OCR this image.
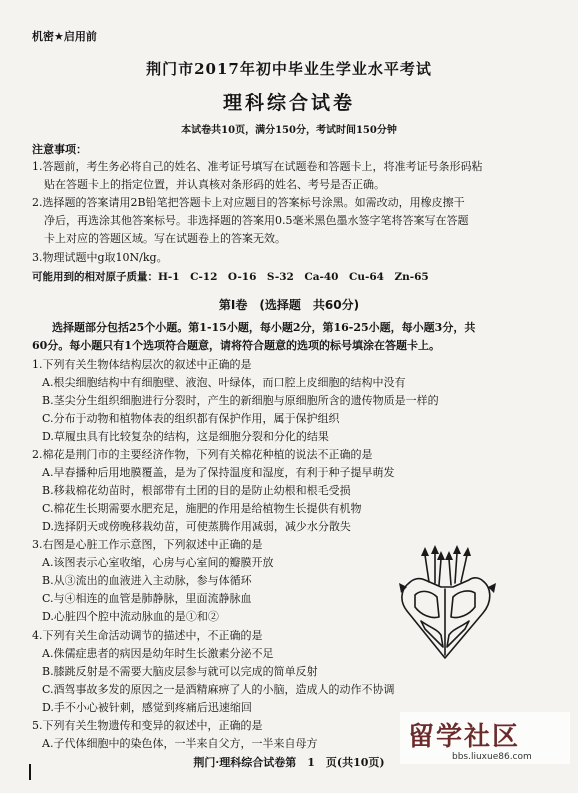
机密★启用前
荆门市2017年初中毕业生学业水平考试
理科综合试卷
本试卷共10页，满分150分，考试时间150分钟
注意事项：
1.答题前，考生务必将自己的姓名、准考证号填写在试题卷和答题卡上，将准考证号条形码粘
贴在答题卡上的指定位置，并认真核对条形码的姓名、考号是否正确。
2.选择题的答案请用2B铅笔把答题卡上对应题目的答案标号涂黑。如需改动，用橡皮擦干
净后，再选涂其他答案标号。非选择题的答案用0.5毫米黑色墨水签字笔将答案写在答题
卡上对应的答题区域。写在试题卷上的答案无效。
3.物理试题中g取10N/kg。
可能用到的相对原子质量：H-1　C-12　O-16　S-32　Ca-40　Cu-64　Zn-65
第Ⅰ卷　(选择题　共60分)
选择题部分包括25个小题。第1-15小题，每小题2分，第16-25小题，每小题3分，共
60分。每小题只有1个选项符合题意，请将符合题意的选项的标号填涂在答题卡上。
1.下列有关生物体结构层次的叙述中正确的是
A.根尖细胞结构中有细胞壁、液泡、叶绿体，而口腔上皮细胞的结构中没有
B.茎尖分生组织细胞进行分裂时，产生的新细胞与原细胞所含的遗传物质是一样的
C.分布于动物和植物体表的组织都有保护作用，属于保护组织
D.草履虫具有比较复杂的结构，这是细胞分裂和分化的结果
2.棉花是荆门市的主要经济作物，下列有关棉花种植的说法不正确的是
A.早春播种后用地膜覆盖，是为了保持温度和湿度，有利于种子提早萌发
B.移栽棉花幼苗时，根部带有土团的目的是防止幼根和根毛受损
C.棉花生长期需要水肥充足，施肥的作用是给植物生长提供有机物
D.选择阴天或傍晚移栽幼苗，可使蒸腾作用减弱，减少水分散失
3.右图是心脏工作示意图，下列叙述中正确的是
A.该图表示心室收缩，心房与心室间的瓣膜开放
B.从③流出的血液进入主动脉，参与体循环
C.与④相连的血管是肺静脉，里面流静脉血
D.心脏四个腔中流动脉血的是①和②
4.下列有关生命活动调节的描述中，不正确的是
A.侏儒症患者的病因是幼年时生长激素分泌不足
B.膝跳反射是不需要大脑皮层参与就可以完成的简单反射
C.酒驾事故多发的原因之一是酒精麻痹了人的小脑，造成人的动作不协调
D.手不小心被针刺，感觉到疼痛后迅速缩回
5.下列有关生物遗传和变异的叙述中，正确的是
A.子代体细胞中的染色体，一半来自父方，一半来自母方	留学社区
bbs.liuxue86.com
荆门·理科综合试卷第　1　页(共10页)
